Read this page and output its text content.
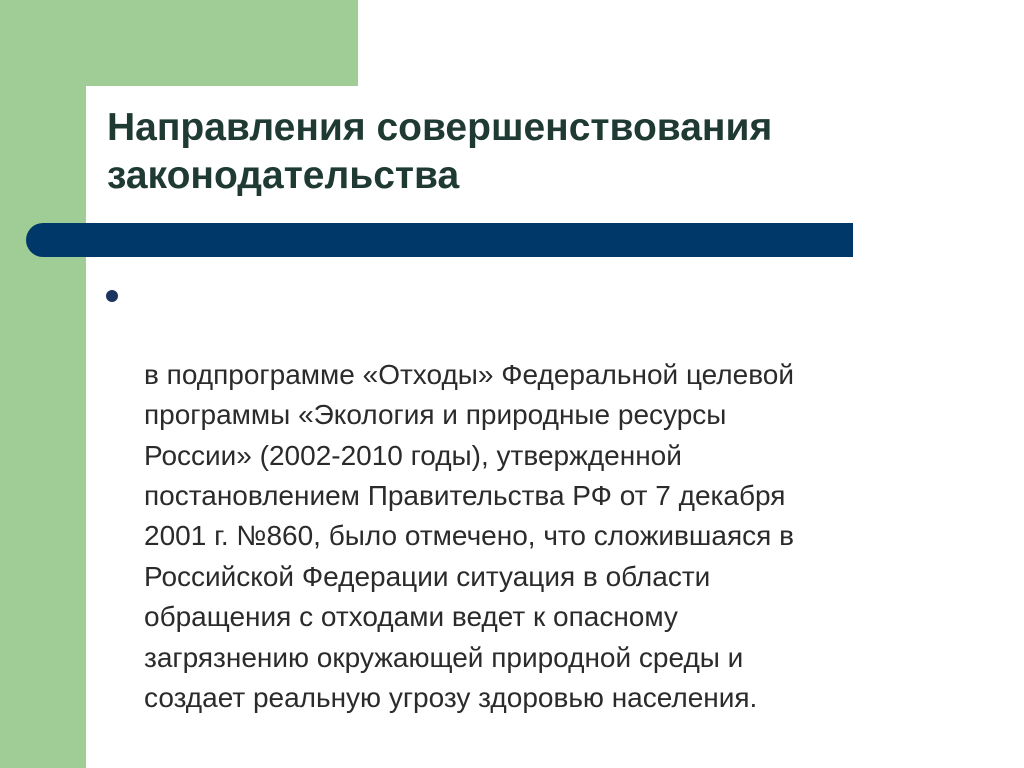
Направления совершенствования
законодательства

в подпрограмме «Отходы» Федеральной целевой
программы «Экология и природные ресурсы
России» (2002-2010 годы), утвержденной
постановлением Правительства РФ от 7 декабря
2001 г. №860, было отмечено, что сложившаяся в
Российской Федерации ситуация в области
обращения с отходами ведет к опасному
загрязнению окружающей природной среды и
создает реальную угрозу здоровью населения.
